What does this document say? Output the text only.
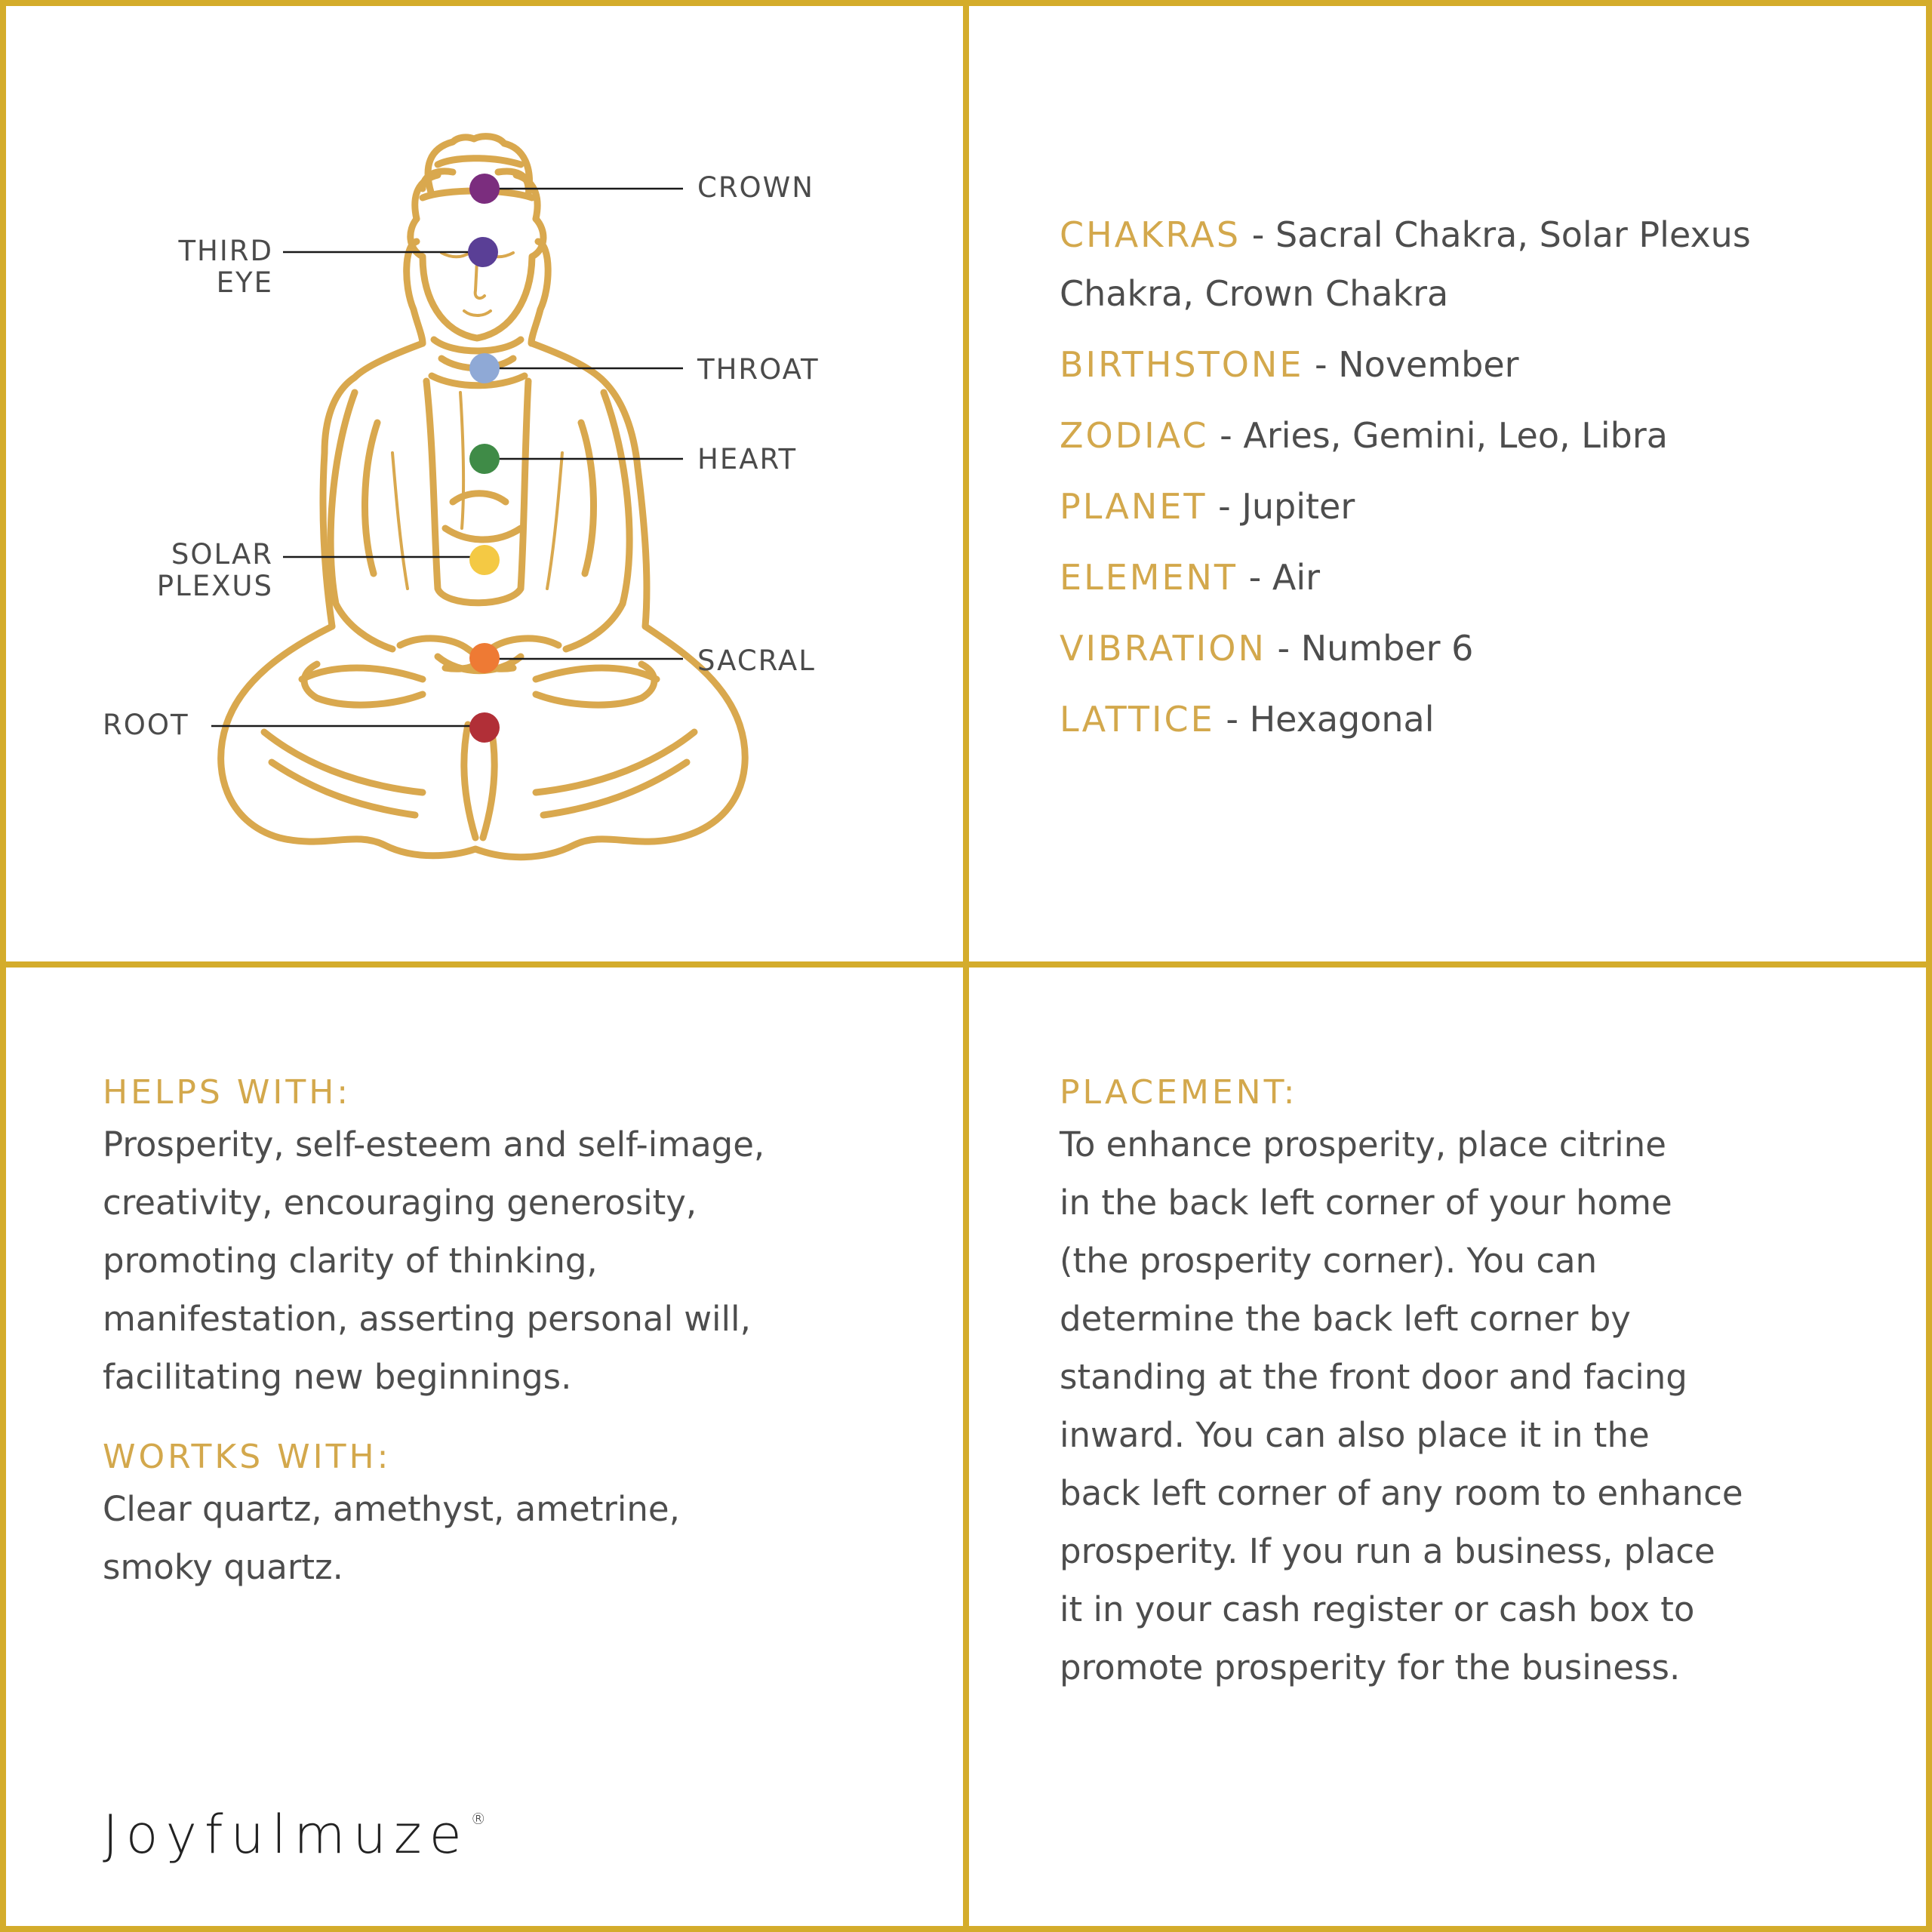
CROWN
THIRD
EYE
THROAT
HEART
SOLAR
PLEXUS
SACRAL
ROOT
CHAKRAS - Sacral Chakra, Solar Plexus Chakra, Crown Chakra
BIRTHSTONE - November
ZODIAC - Aries, Gemini, Leo, Libra
PLANET - Jupiter
ELEMENT - Air
VIBRATION - Number 6
LATTICE - Hexagonal
HELPS WITH:
Prosperity, self-esteem and self-image,
creativity, encouraging generosity,
promoting clarity of thinking,
manifestation, asserting personal will,
facilitating new beginnings.
WORTKS WITH:
Clear quartz, amethyst, ametrine,
smoky quartz.
PLACEMENT:
To enhance prosperity, place citrine
in the back left corner of your home
(the prosperity corner). You can
determine the back left corner by
standing at the front door and facing
inward. You can also place it in the
back left corner of any room to enhance
prosperity. If you run a business, place
it in your cash register or cash box to
promote prosperity for the business.
Joyfulmuze ®
